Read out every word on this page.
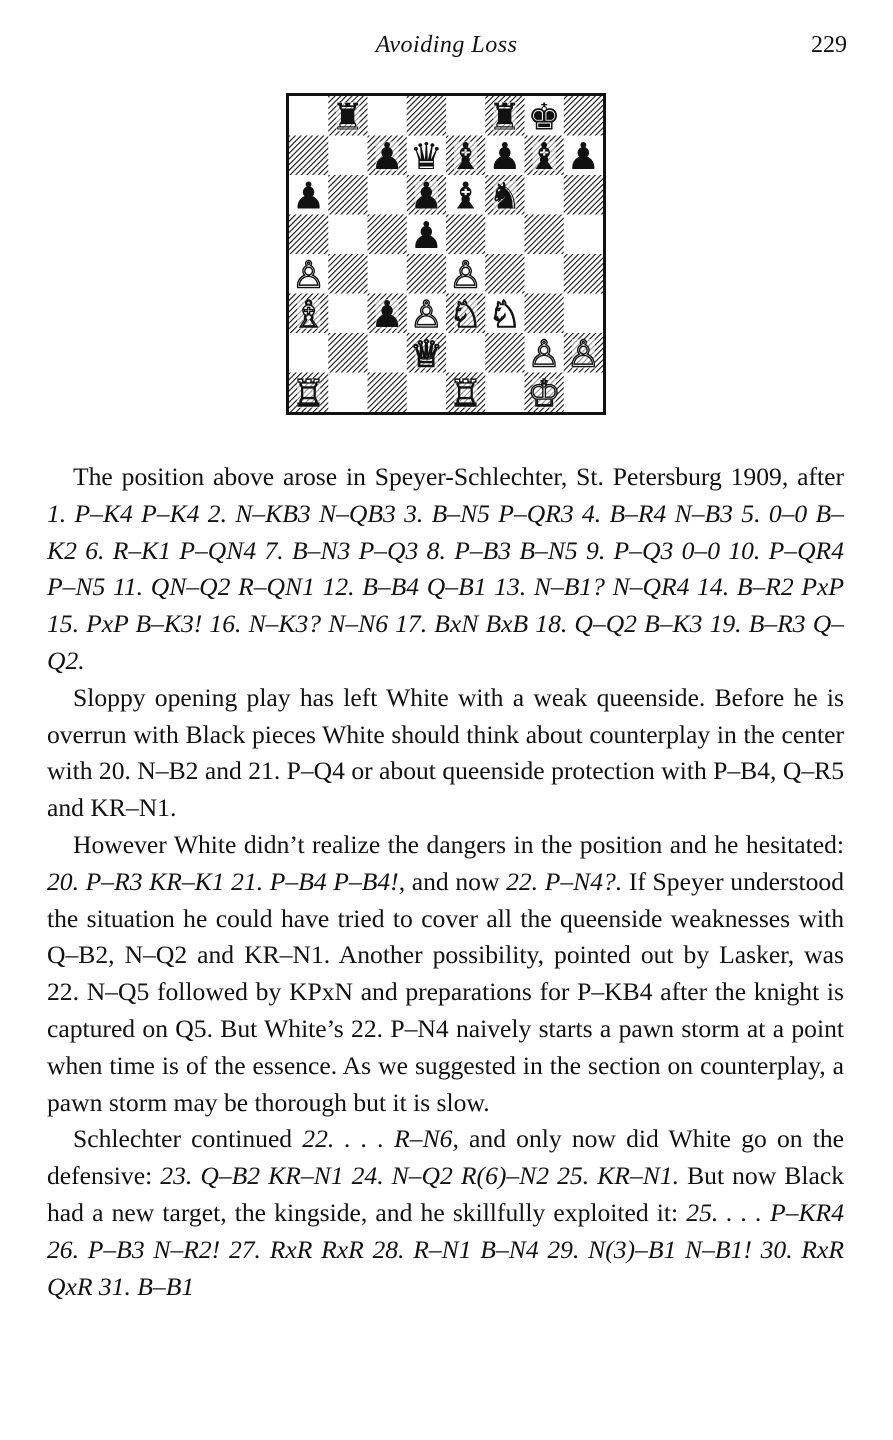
Avoiding Loss	229
♜	♜ ♚
♟ ♛ ♝ ♟ ♝ ♟
♟ ♟ ♝ ♞
♟
♙	♙
♗ ♟ ♙ ♘ ♘
♕ ♙ ♙
♖	♖ ♔

The position above arose in Speyer-Schlechter, St. Petersburg 1909, after 1. P–K4 P–K4 2. N–KB3 N–QB3 3. B–N5 P–QR3 4. B–R4 N–B3 5. 0–0 B–K2 6. R–K1 P–QN4 7. B–N3 P–Q3 8. P–B3 B–N5 9. P–Q3 0–0 10. P–QR4 P–N5 11. QN–Q2 R–QN1 12. B–B4 Q–B1 13. N–B1? N–QR4 14. B–R2 PxP 15. PxP B–K3! 16. N–K3? N–N6 17. BxN BxB 18. Q–Q2 B–K3 19. B–R3 Q–Q2.

Sloppy opening play has left White with a weak queenside. Before he is overrun with Black pieces White should think about counterplay in the center with 20. N–B2 and 21. P–Q4 or about queenside protection with P–B4, Q–R5 and KR–N1.

However White didn’t realize the dangers in the position and he hesitated: 20. P–R3 KR–K1 21. P–B4 P–B4!, and now 22. P–N4?. If Speyer understood the situation he could have tried to cover all the queenside weaknesses with Q–B2, N–Q2 and KR–N1. Another possibility, pointed out by Lasker, was 22. N–Q5 followed by KPxN and preparations for P–KB4 after the knight is captured on Q5. But White’s 22. P–N4 naively starts a pawn storm at a point when time is of the essence. As we suggested in the section on counterplay, a pawn storm may be thorough but it is slow.

Schlechter continued 22. . . . R–N6, and only now did White go on the defensive: 23. Q–B2 KR–N1 24. N–Q2 R(6)–N2 25. KR–N1. But now Black had a new target, the kingside, and he skillfully exploited it: 25. . . . P–KR4 26. P–B3 N–R2! 27. RxR RxR 28. R–N1 B–N4 29. N(3)–B1 N–B1! 30. RxR QxR 31. B–B1
